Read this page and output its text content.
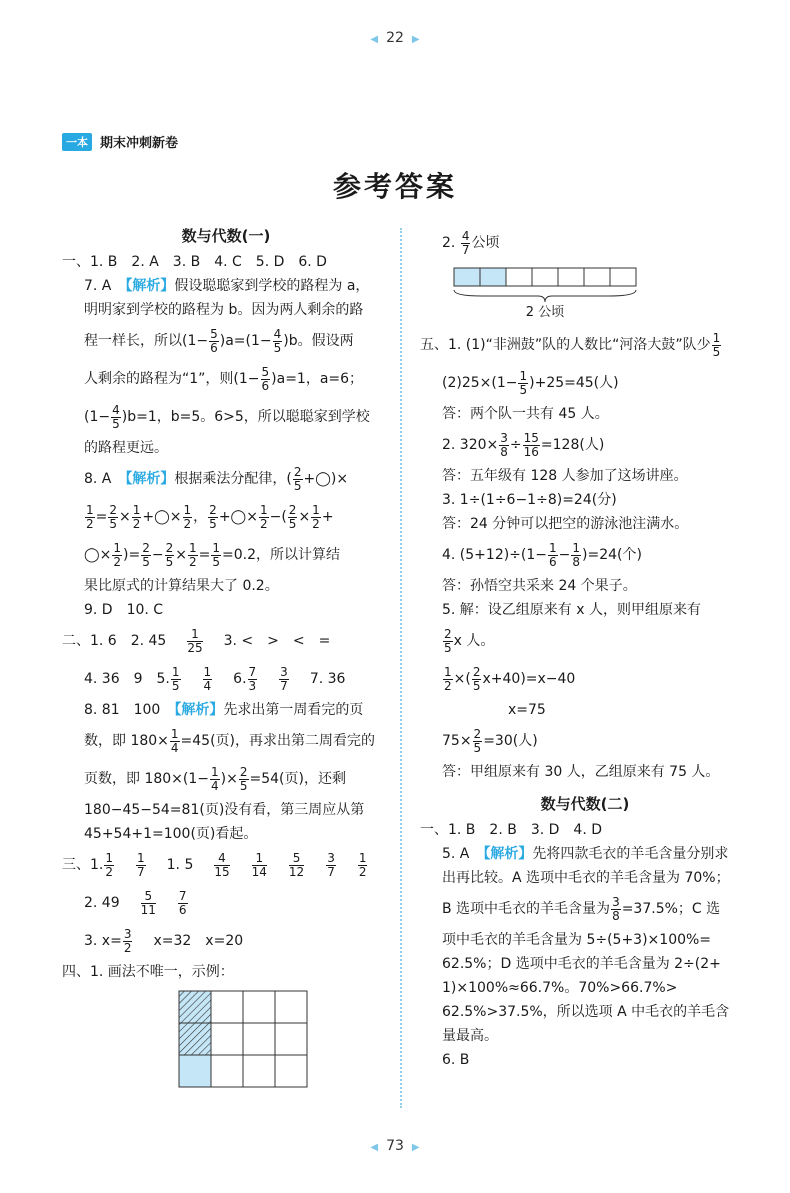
◀ 22 ▶
一本 期末冲刺新卷
参考答案
数与代数(一)
一、1. B　2. A　3. B　4. C　5. D　6. D
7. A　【解析】假设聪聪家到学校的路程为 a，
明明家到学校的路程为 b。因为两人剩余的路
程一样长，所以$(1- \frac{5}{6} )a=(1- \frac{4}{5} )b$。假设两
人剩余的路程为“1”，则$(1- \frac{5}{6} )a=1$，a=6；
$(1- \frac{4}{5} )b=1$，b=5。6>5，所以聪聪家到学校
的路程更远。
8. A　【解析】根据乘法分配律，( $\frac{2}{5}$ +◯)×
$\frac{1}{2} = \frac{2}{5} \times \frac{1}{2}$ +◯× $\frac{1}{2}$ ， $\frac{2}{5}$ +◯× $\frac{1}{2}$ −( $\frac{2}{5} \times \frac{1}{2}$ +
◯× $\frac{1}{2}$ )= $\frac{2}{5} - \frac{2}{5} \times \frac{1}{2} = \frac{1}{5} =0.2$，所以计算结
果比原式的计算结果大了 0.2。
9. D　10. C
二、1. 6　2. $45 \frac{1}{25} 3$. <　>　<　=
4. 36　9　5. $\frac{1}{5} \frac{1}{4} 6$. $\frac{7}{3} \frac{3}{7} 7$. 36
8. 81　100　【解析】先求出第一周看完的页
数，即 $180\times \frac{1}{4} =45$(页)，再求出第二周看完的
页数，即 $180\times(1- \frac{1}{4}$ )× $\frac{2}{5} =54$(页)，还剩
180−45−54=81(页)没有看，第三周应从第
45+54+1=100(页)看起。
三、1. $\frac{1}{2} \frac{1}{7} 1$. $5 \frac{4}{15} \frac{1}{14} \frac{5}{12} \frac{3}{7} \frac{1}{2}$
2. $49 \frac{5}{11} \frac{7}{6}$
3. $x= \frac{3}{2} x=32$　x=20
四、1. 画法不唯一，示例：
2. $\frac{4}{7}$ 公顷
2 公顷
五、1. (1)“非洲鼓”队的人数比“河洛大鼓”队少 $\frac{1}{5}$
$(2)25\times(1- \frac{1}{5} )+25=45$(人)
答：两个队一共有 45 人。
2. $320\times \frac{3}{8} \div \frac{15}{16} =128$(人)
答：五年级有 128 人参加了这场讲座。
3. 1÷(1÷6−1÷8)=24(分)
答：24 分钟可以把空的游泳池注满水。
4. $(5+12)\div(1- \frac{1}{6} - \frac{1}{8} )=24$(个)
答：孙悟空共采来 24 个果子。
5. 解：设乙组原来有 x 人，则甲组原来有
$\frac{2}{5}$ x 人。
$\frac{1}{2}$ ×( $\frac{2}{5} x+40)=x-40$
x=75
$75\times \frac{2}{5} =30$(人)
答：甲组原来有 30 人，乙组原来有 75 人。
数与代数(二)
一、1. B　2. B　3. D　4. D
5. A　【解析】先将四款毛衣的羊毛含量分别求
出再比较。A 选项中毛衣的羊毛含量为 70%；
B 选项中毛衣的羊毛含量为 $\frac{3}{8} =37.5\%$；C 选
项中毛衣的羊毛含量为 5÷(5+3)×100%=
62.5%；D 选项中毛衣的羊毛含量为 2÷(2+
1)×100%≈66.7%。70%>66.7%>
62.5%>37.5%，所以选项 A 中毛衣的羊毛含
量最高。
6. B
◀ 73 ▶
